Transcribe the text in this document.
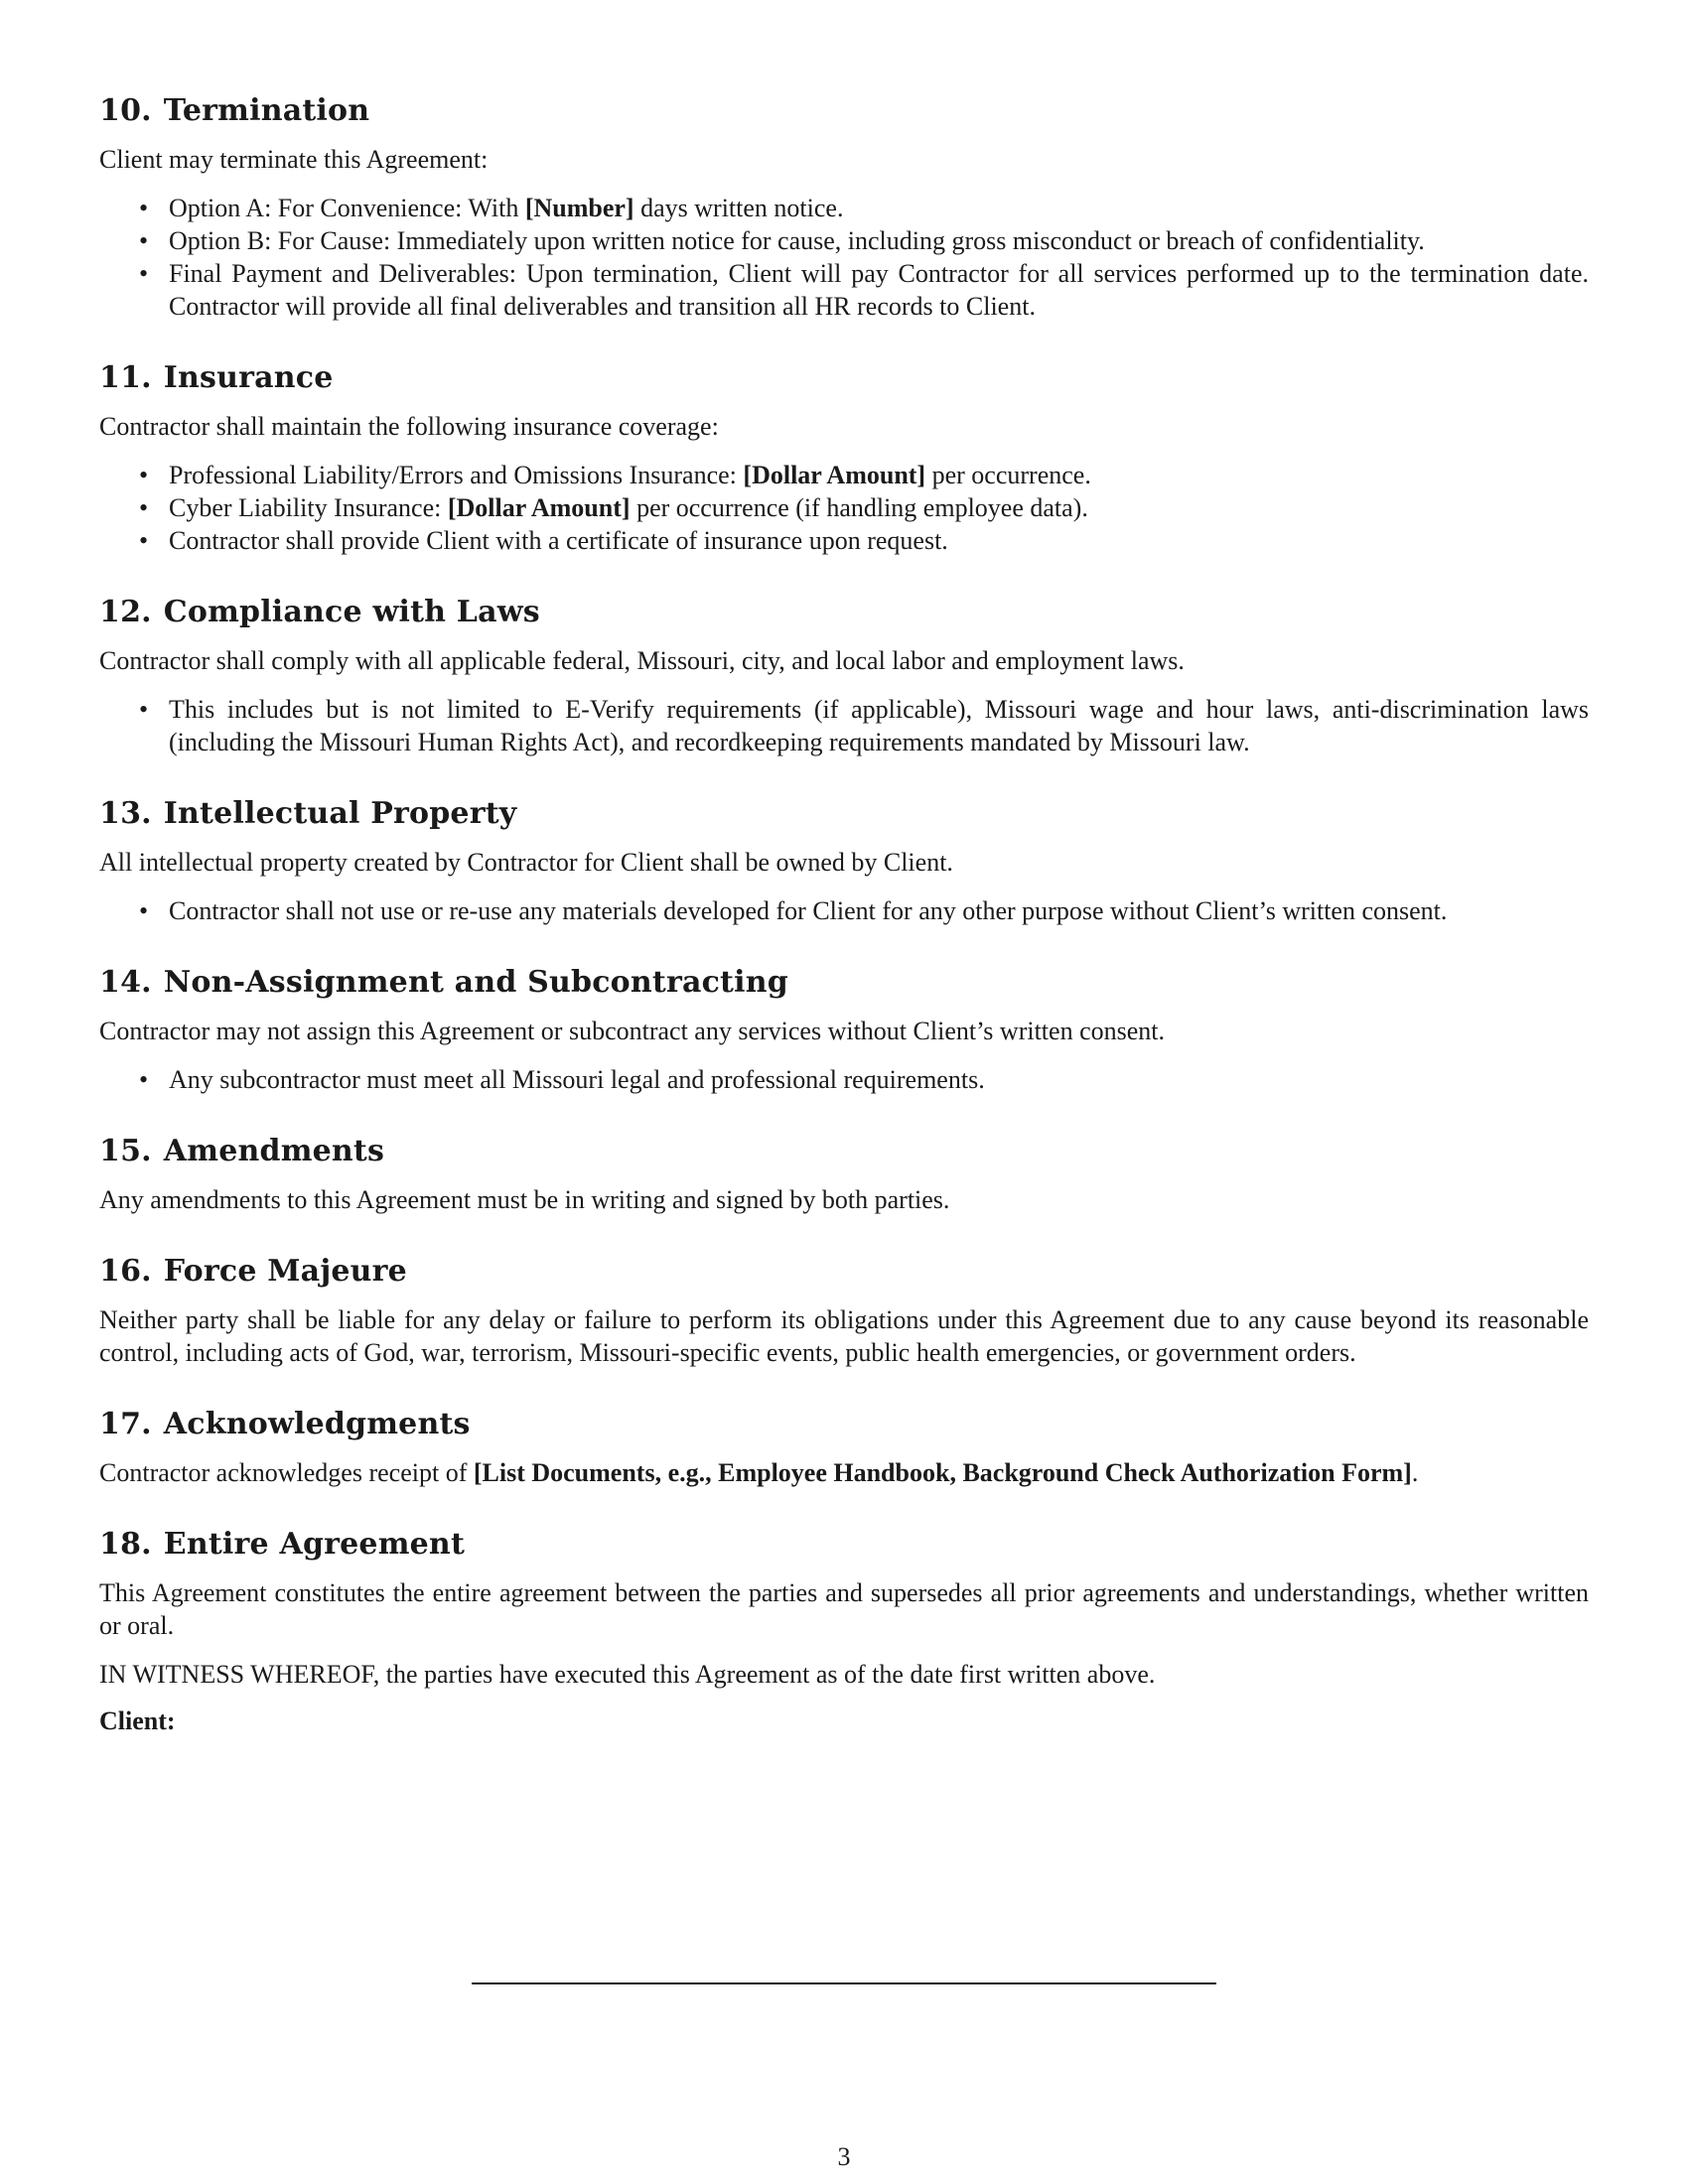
10. Termination

Client may terminate this Agreement:

• Option A: For Convenience: With [Number] days written notice.
• Option B: For Cause: Immediately upon written notice for cause, including gross misconduct or breach of confidentiality.
• Final Payment and Deliverables: Upon termination, Client will pay Contractor for all services performed up to the termination date. Contractor will provide all final deliverables and transition all HR records to Client.
11. Insurance

Contractor shall maintain the following insurance coverage:

• Professional Liability/Errors and Omissions Insurance: [Dollar Amount] per occurrence.
• Cyber Liability Insurance: [Dollar Amount] per occurrence (if handling employee data).
• Contractor shall provide Client with a certificate of insurance upon request.
12. Compliance with Laws

Contractor shall comply with all applicable federal, Missouri, city, and local labor and employment laws.

• This includes but is not limited to E-Verify requirements (if applicable), Missouri wage and hour laws, anti-discrimination laws (including the Missouri Human Rights Act), and recordkeeping requirements mandated by Missouri law.
13. Intellectual Property

All intellectual property created by Contractor for Client shall be owned by Client.

• Contractor shall not use or re-use any materials developed for Client for any other purpose without Client’s written consent.
14. Non-Assignment and Subcontracting

Contractor may not assign this Agreement or subcontract any services without Client’s written consent.

• Any subcontractor must meet all Missouri legal and professional requirements.
15. Amendments

Any amendments to this Agreement must be in writing and signed by both parties.

16. Force Majeure

Neither party shall be liable for any delay or failure to perform its obligations under this Agreement due to any cause beyond its reasonable control, including acts of God, war, terrorism, Missouri-specific events, public health emergencies, or government orders.

17. Acknowledgments

Contractor acknowledges receipt of [List Documents, e.g., Employee Handbook, Background Check Authorization Form].

18. Entire Agreement

This Agreement constitutes the entire agreement between the parties and supersedes all prior agreements and understandings, whether written or oral.

IN WITNESS WHEREOF, the parties have executed this Agreement as of the date first written above.

Client:
3
